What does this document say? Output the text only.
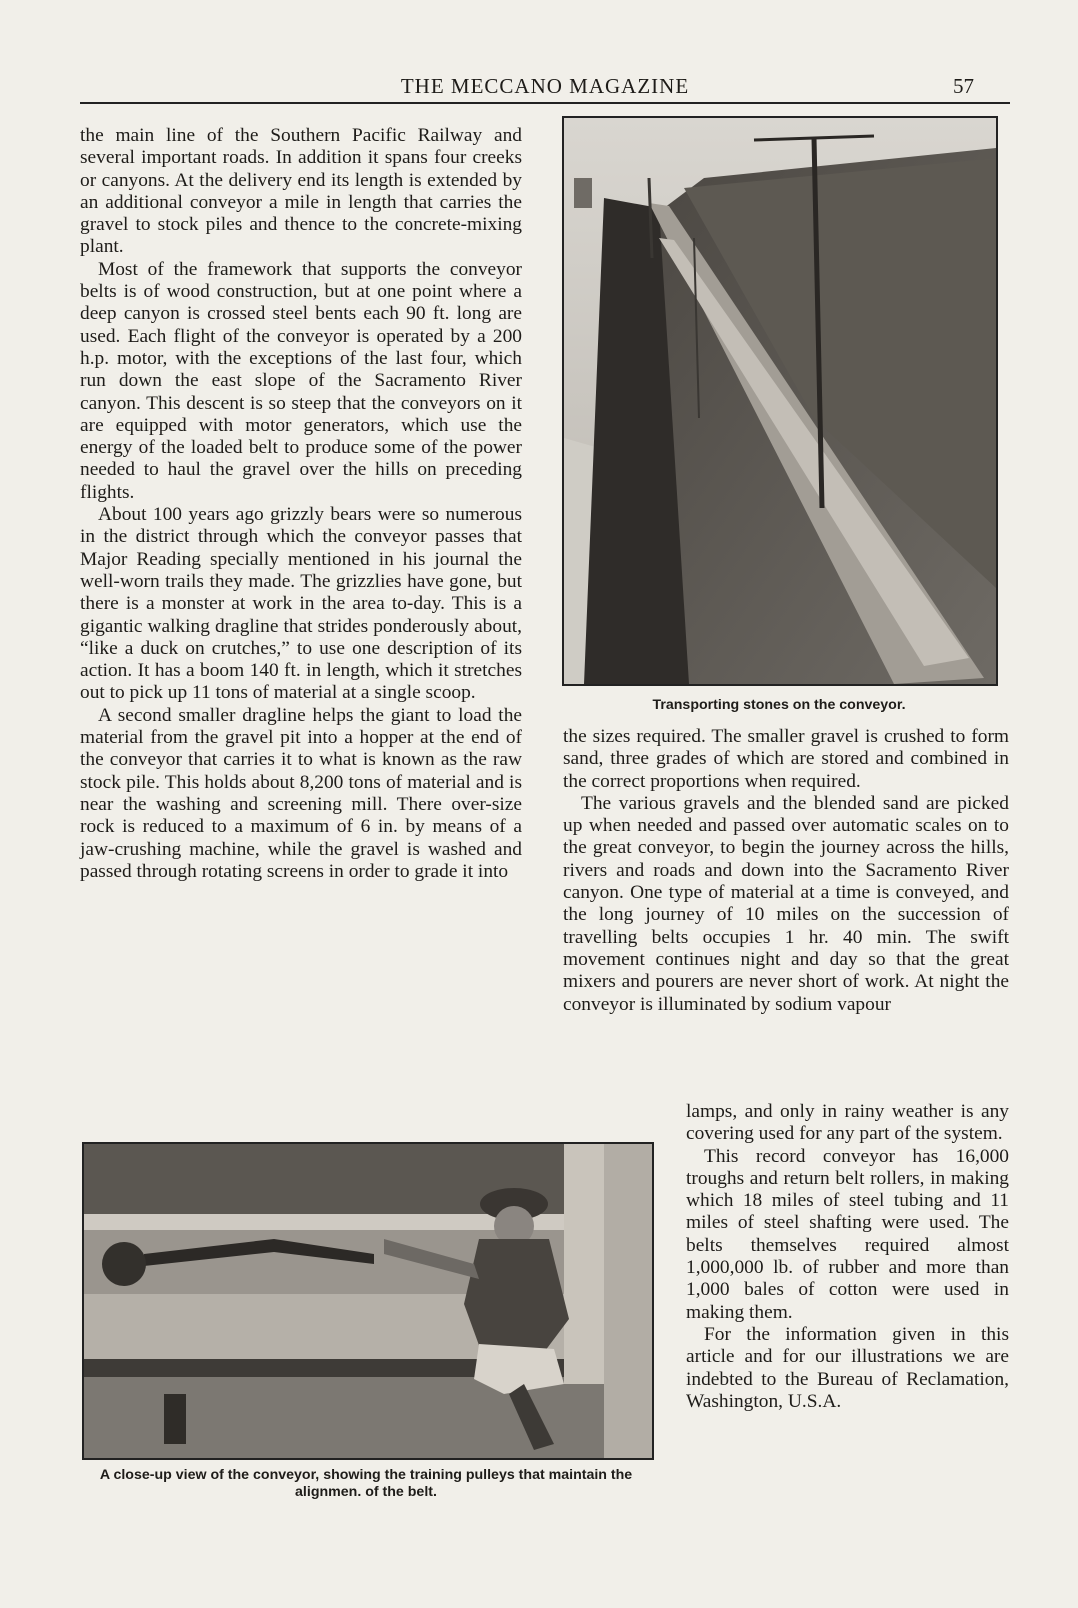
THE MECCANO MAGAZINE	57

the main line of the Southern Pacific Railway and several important roads. In addition it spans four creeks or canyons. At the delivery end its length is extended by an additional conveyor a mile in length that carries the gravel to stock piles and thence to the concrete-mixing plant.

Most of the framework that supports the conveyor belts is of wood construction, but at one point where a deep canyon is crossed steel bents each 90 ft. long are used. Each flight of the conveyor is operated by a 200 h.p. motor, with the exceptions of the last four, which run down the east slope of the Sacramento River canyon. This descent is so steep that the conveyors on it are equipped with motor generators, which use the energy of the loaded belt to produce some of the power needed to haul the gravel over the hills on preceding flights.

About 100 years ago grizzly bears were so numerous in the district through which the conveyor passes that Major Reading specially mentioned in his journal the well-worn trails they made. The grizzlies have gone, but there is a monster at work in the area to-day. This is a gigantic walking dragline that strides ponderously about, “like a duck on crutches,” to use one description of its action. It has a boom 140 ft. in length, which it stretches out to pick up 11 tons of material at a single scoop.

A second smaller dragline helps the giant to load the material from the gravel pit into a hopper at the end of the conveyor that carries it to what is known as the raw stock pile. This holds about 8,200 tons of material and is near the washing and screening mill. There over-size rock is reduced to a maximum of 6 in. by means of a jaw-crushing machine, while the gravel is washed and passed through rotating screens in order to grade it into

Transporting stones on the conveyor.

the sizes required. The smaller gravel is crushed to form sand, three grades of which are stored and combined in the correct proportions when required.

The various gravels and the blended sand are picked up when needed and passed over automatic scales on to the great conveyor, to begin the journey across the hills, rivers and roads and down into the Sacramento River canyon. One type of material at a time is conveyed, and the long journey of 10 miles on the succession of travelling belts occupies 1 hr. 40 min. The swift movement continues night and day so that the great mixers and pourers are never short of work. At night the conveyor is illuminated by sodium vapour

lamps, and only in rainy weather is any covering used for any part of the system.

This record conveyor has 16,000 troughs and return belt rollers, in making which 18 miles of steel tubing and 11 miles of steel shafting were used. The belts themselves required almost 1,000,000 lb. of rubber and more than 1,000 bales of cotton were used in making them.

For the information given in this article and for our illustrations we are indebted to the Bureau of Reclamation, Washington, U.S.A.

A close-up view of the conveyor, showing the training pulleys that maintain the alignmen. of the belt.
